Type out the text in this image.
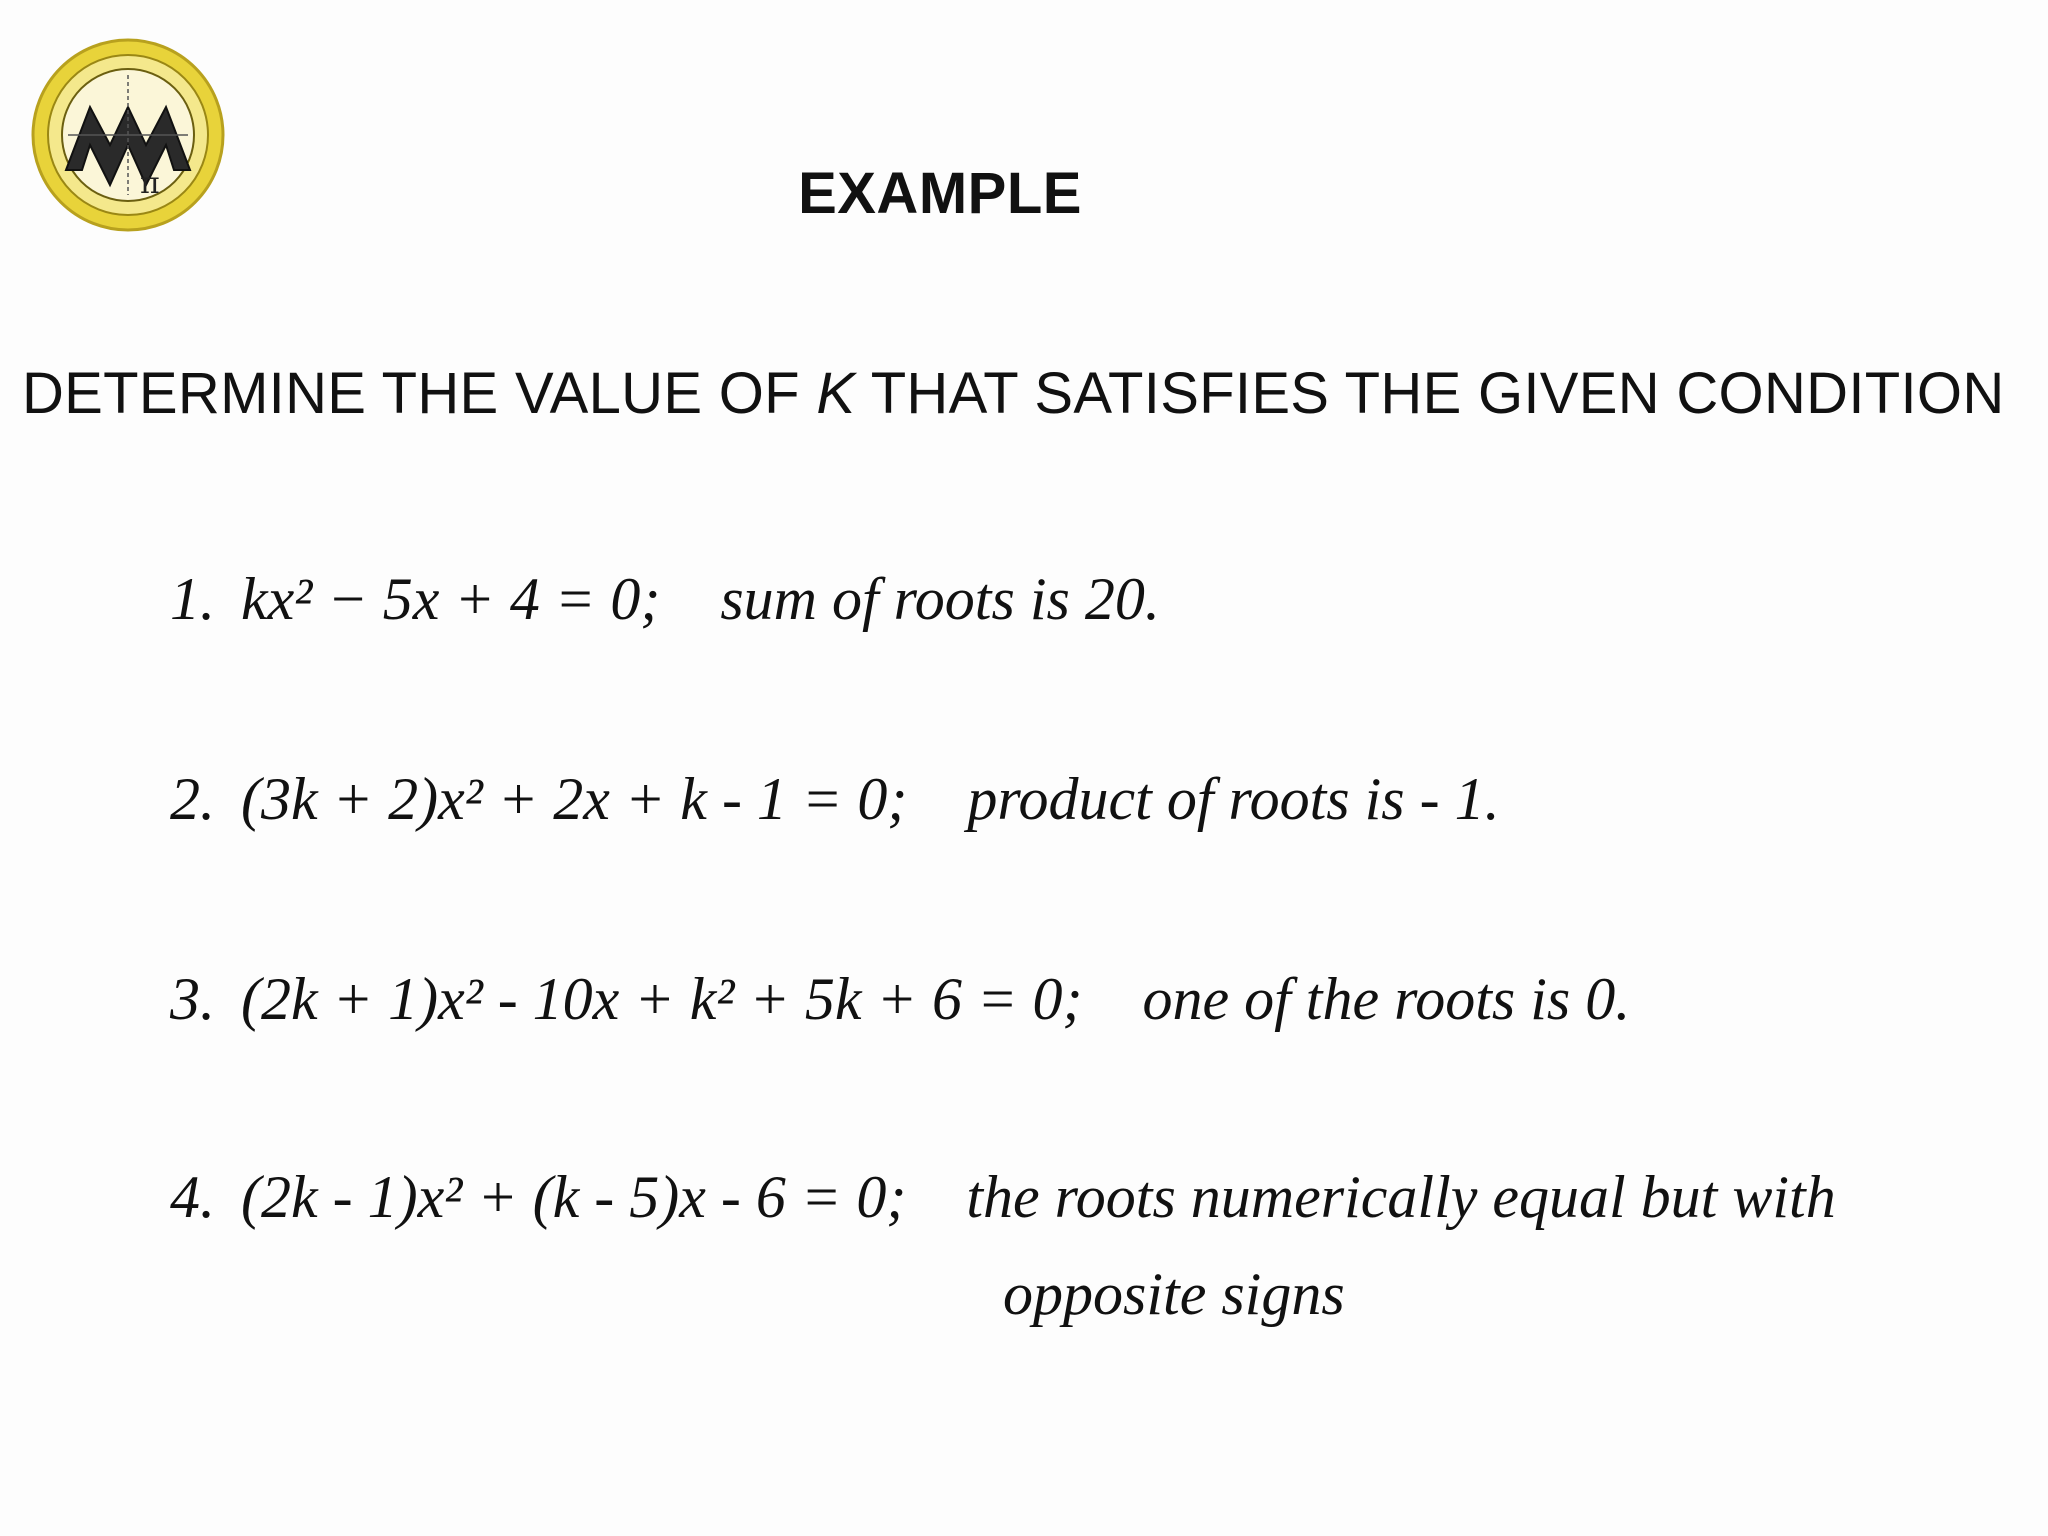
π	EXAMPLE
DETERMINE THE VALUE OF K THAT SATISFIES THE GIVEN CONDITION
1. kx² − 5x + 4 = 0; sum of roots is 20.
2. (3k + 2)x² + 2x + k - 1 = 0; product of roots is - 1.
3. (2k + 1)x² - 10x + k² + 5k + 6 = 0; one of the roots is 0.
4. (2k - 1)x² + (k - 5)x - 6 = 0; the roots numerically equal but with
opposite signs
